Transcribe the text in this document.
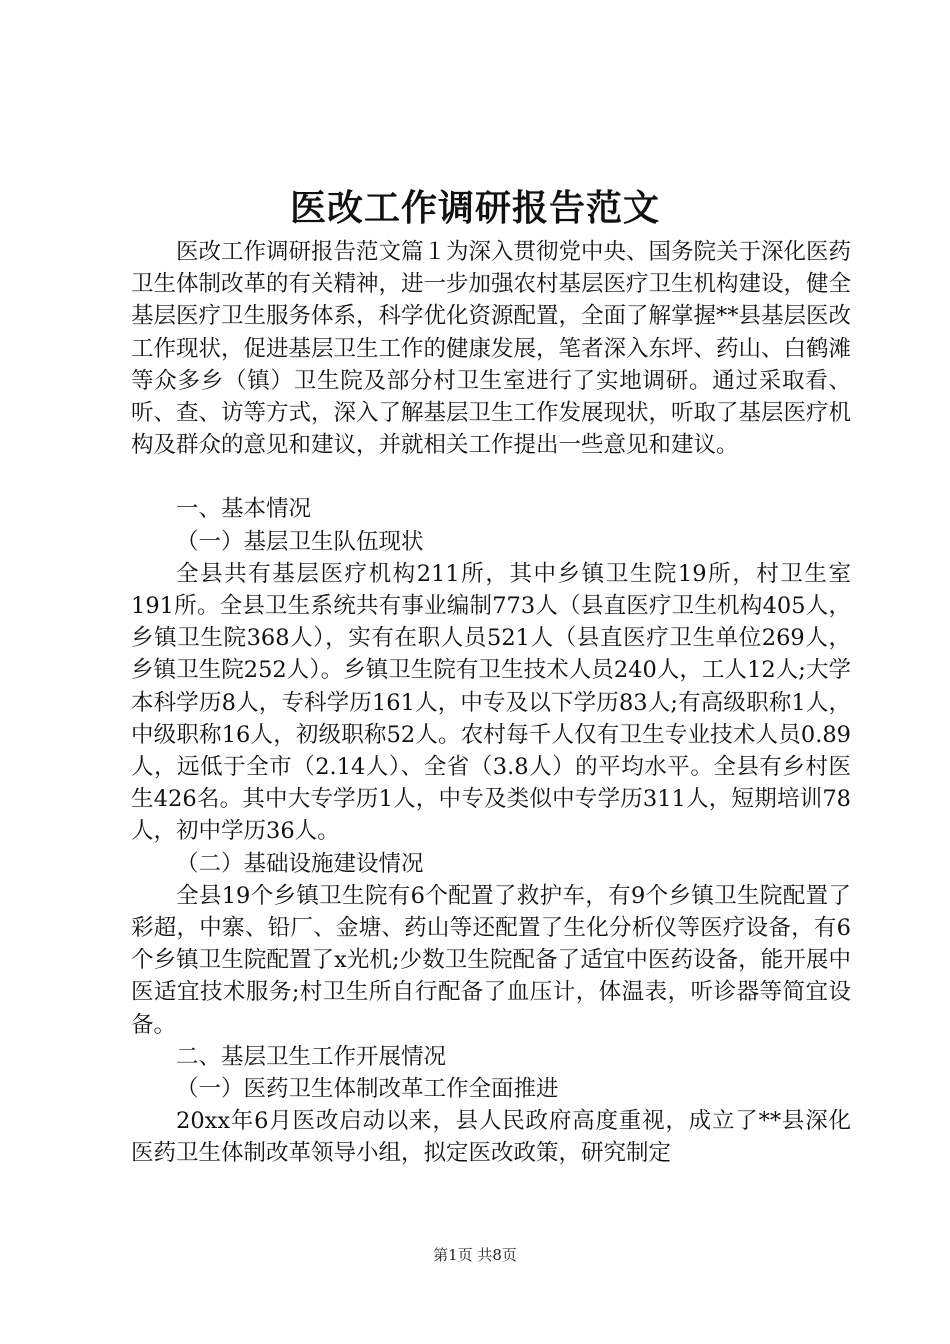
医改工作调研报告范文

医改工作调研报告范文篇１为深入贯彻党中央、国务院关于深化医药卫生体制改革的有关精神，进一步加强农村基层医疗卫生机构建设，健全基层医疗卫生服务体系，科学优化资源配置，全面了解掌握**县基层医改工作现状，促进基层卫生工作的健康发展，笔者深入东坪、药山、白鹤滩等众多乡（镇）卫生院及部分村卫生室进行了实地调研。通过采取看、听、查、访等方式，深入了解基层卫生工作发展现状，听取了基层医疗机构及群众的意见和建议，并就相关工作提出一些意见和建议。

一、基本情况

（一）基层卫生队伍现状

全县共有基层医疗机构211所，其中乡镇卫生院19所，村卫生室191所。全县卫生系统共有事业编制773人（县直医疗卫生机构405人，乡镇卫生院368人），实有在职人员521人（县直医疗卫生单位269人，乡镇卫生院252人）。乡镇卫生院有卫生技术人员240人，工人12人;大学本科学历8人，专科学历161人，中专及以下学历83人;有高级职称1人，中级职称16人，初级职称52人。农村每千人仅有卫生专业技术人员0.89人，远低于全市（2.14人）、全省（3.8人）的平均水平。全县有乡村医生426名。其中大专学历1人，中专及类似中专学历311人，短期培训78人，初中学历36人。

（二）基础设施建设情况

全县19个乡镇卫生院有6个配置了救护车，有9个乡镇卫生院配置了彩超，中寨、铅厂、金塘、药山等还配置了生化分析仪等医疗设备，有6个乡镇卫生院配置了x光机;少数卫生院配备了适宜中医药设备，能开展中医适宜技术服务;村卫生所自行配备了血压计，体温表，听诊器等简宜设备。

二、基层卫生工作开展情况

（一）医药卫生体制改革工作全面推进

20xx年6月医改启动以来，县人民政府高度重视，成立了**县深化医药卫生体制改革领导小组，拟定医改政策，研究制定

第1页 共8页
